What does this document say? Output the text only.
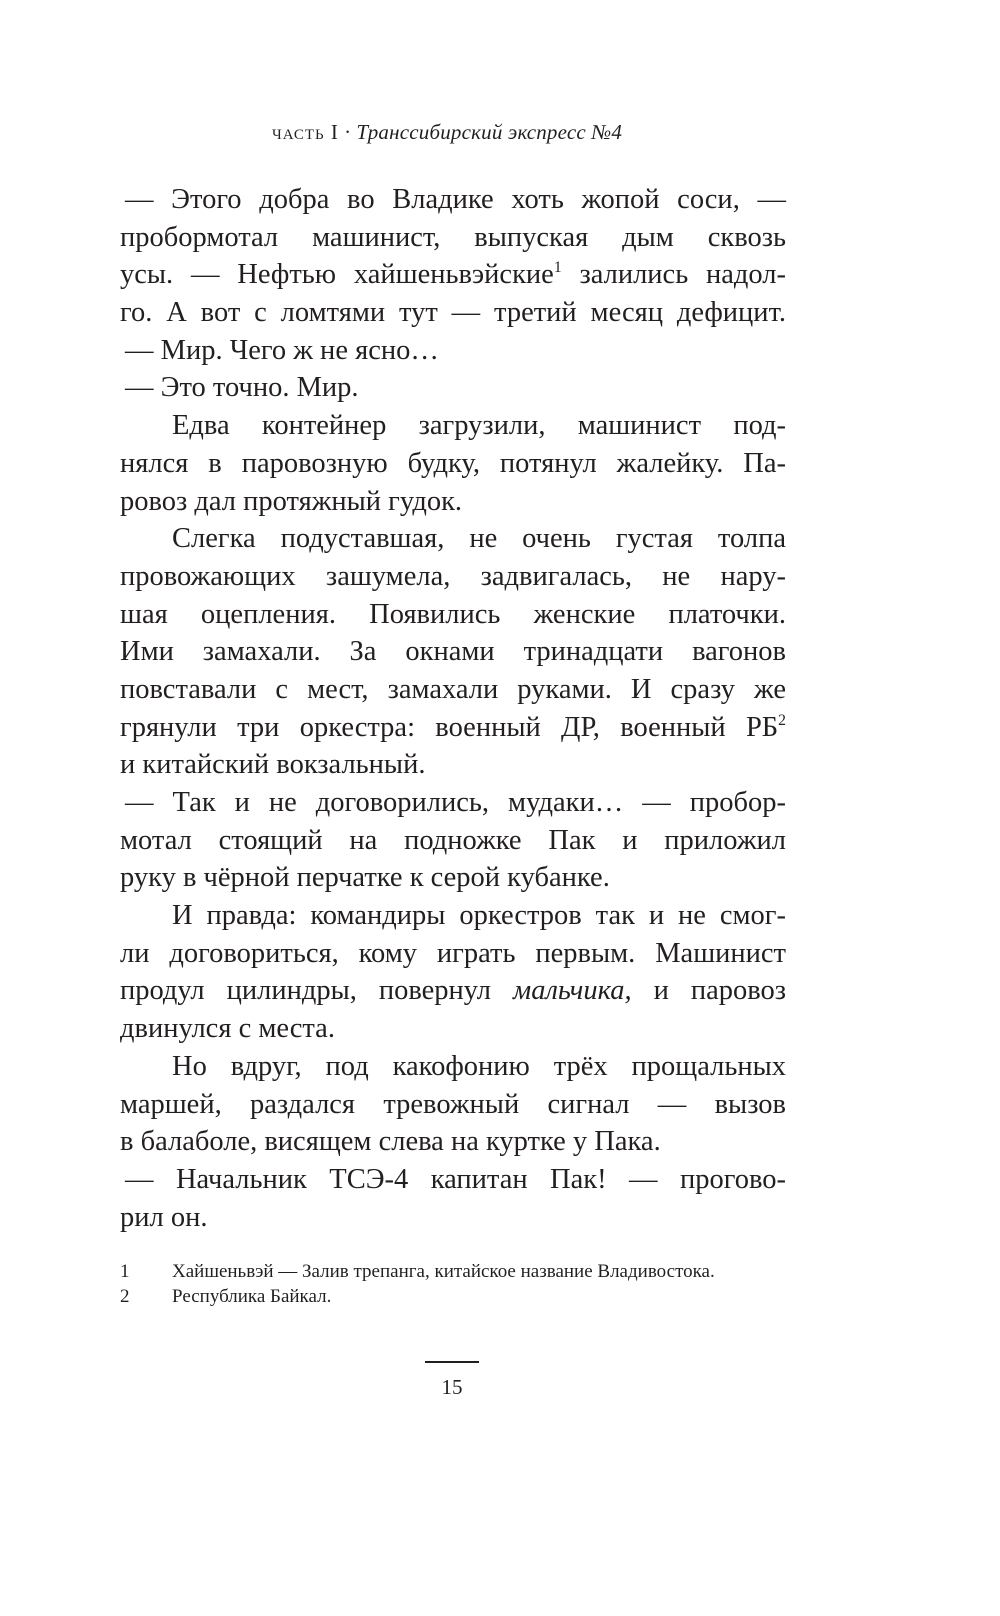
часть I · Транссибирский экспресс №4
— Этого добра во Владике хоть жопой соси, —
пробормотал машинист, выпуская дым сквозь
усы. — Нефтью хайшеньвэйские$^1$ залились надол-
го. А вот с ломтями тут — третий месяц дефицит.
— Мир. Чего ж не ясно…
— Это точно. Мир.
Едва контейнер загрузили, машинист под-
нялся в паровозную будку, потянул жалейку. Па-
ровоз дал протяжный гудок.
Слегка подуставшая, не очень густая толпа
провожающих зашумела, задвигалась, не нару-
шая оцепления. Появились женские платочки.
Ими замахали. За окнами тринадцати вагонов
повставали с мест, замахали руками. И сразу же
грянули три оркестра: военный ДР, военный $РБ^2$
и китайский вокзальный.
— Так и не договорились, мудаки… — пробор-
мотал стоящий на подножке Пак и приложил
руку в чёрной перчатке к серой кубанке.
И правда: командиры оркестров так и не смог-
ли договориться, кому играть первым. Машинист
продул цилиндры, повернул мальчика, и паровоз
двинулся с места.
Но вдруг, под какофонию трёх прощальных
маршей, раздался тревожный сигнал — вызов
в балаболе, висящем слева на куртке у Пака.
— Начальник ТСЭ-4 капитан Пак! — прогово-
рил он.
1 Хайшеньвэй — Залив трепанга, китайское название Владивостока.
2 Республика Байкал.
15
